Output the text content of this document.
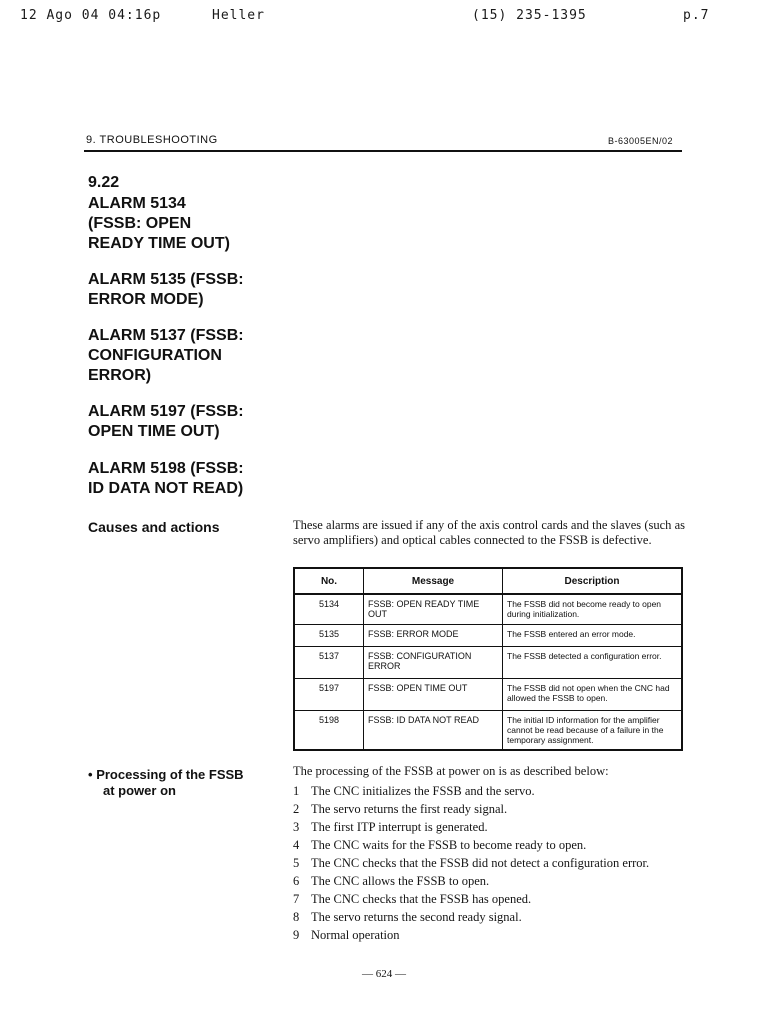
12 Ago 04 04:16p	Heller	(15) 235-1395	p.7
9. TROUBLESHOOTING	B-63005EN/02
9.22
ALARM 5134
(FSSB: OPEN
READY TIME OUT)
ALARM 5135 (FSSB:
ERROR MODE)
ALARM 5137 (FSSB:
CONFIGURATION
ERROR)
ALARM 5197 (FSSB:
OPEN TIME OUT)
ALARM 5198 (FSSB:
ID DATA NOT READ)
Causes and actions	These alarms are issued if any of the axis control cards and the slaves (such as servo amplifiers) and optical cables connected to the FSSB is defective.
No.	Message	Description
5134	FSSB: OPEN READY TIME OUT	The FSSB did not become ready to open during initialization.
5135	FSSB: ERROR MODE	The FSSB entered an error mode.
5137	FSSB: CONFIGURATION ERROR	The FSSB detected a configuration error.
5197	FSSB: OPEN TIME OUT	The FSSB did not open when the CNC had allowed the FSSB to open.
5198	FSSB: ID DATA NOT READ	The initial ID information for the amplifier cannot be read because of a failure in the temporary assignment.
• Processing of the FSSB
at power on
The processing of the FSSB at power on is as described below:
1 The CNC initializes the FSSB and the servo.
2 The servo returns the first ready signal.
3 The first ITP interrupt is generated.
4 The CNC waits for the FSSB to become ready to open.
5 The CNC checks that the FSSB did not detect a configuration error.
6 The CNC allows the FSSB to open.
7 The CNC checks that the FSSB has opened.
8 The servo returns the second ready signal.
9 Normal operation
— 624 —
